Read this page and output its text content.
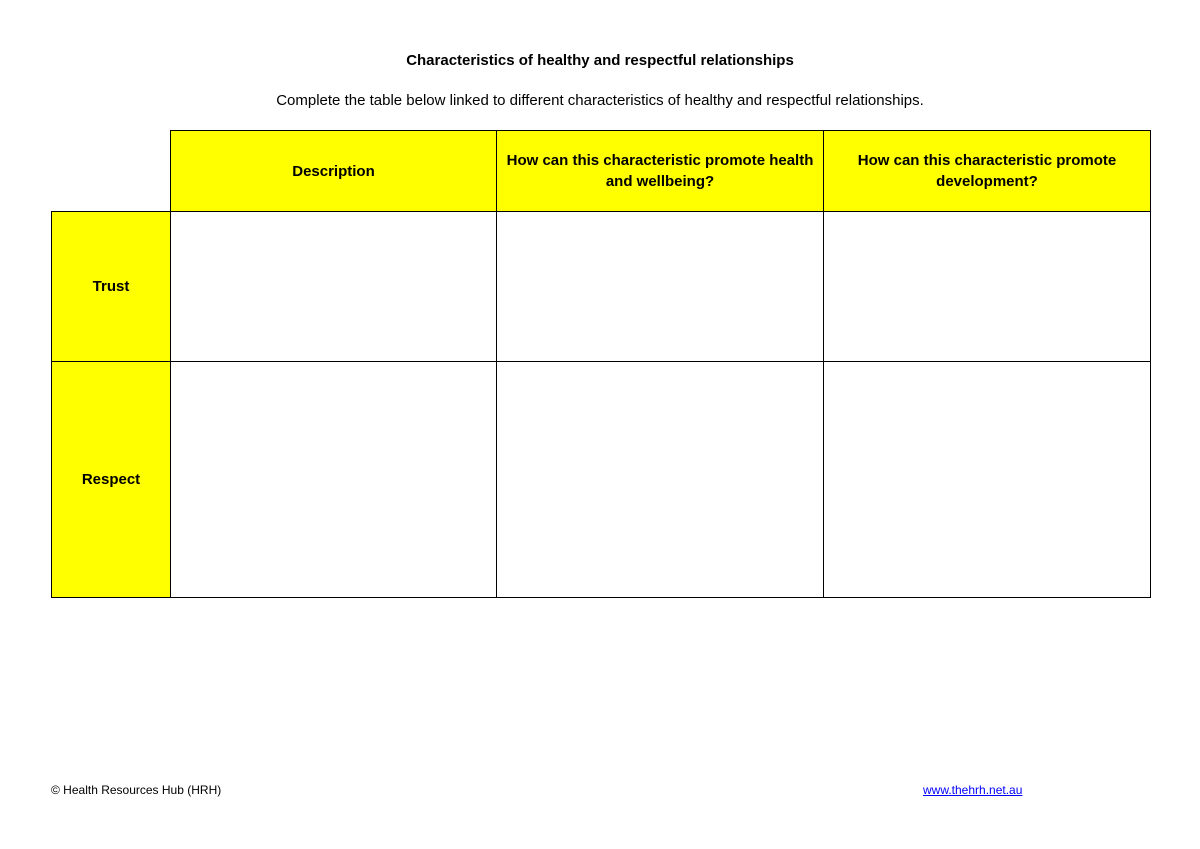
Characteristics of healthy and respectful relationships

Complete the table below linked to different characteristics of healthy and respectful relationships.

	Description	How can this characteristic promote health and wellbeing?	How can this characteristic promote development?
Trust			
Respect			

© Health Resources Hub (HRH)	www.thehrh.net.au
